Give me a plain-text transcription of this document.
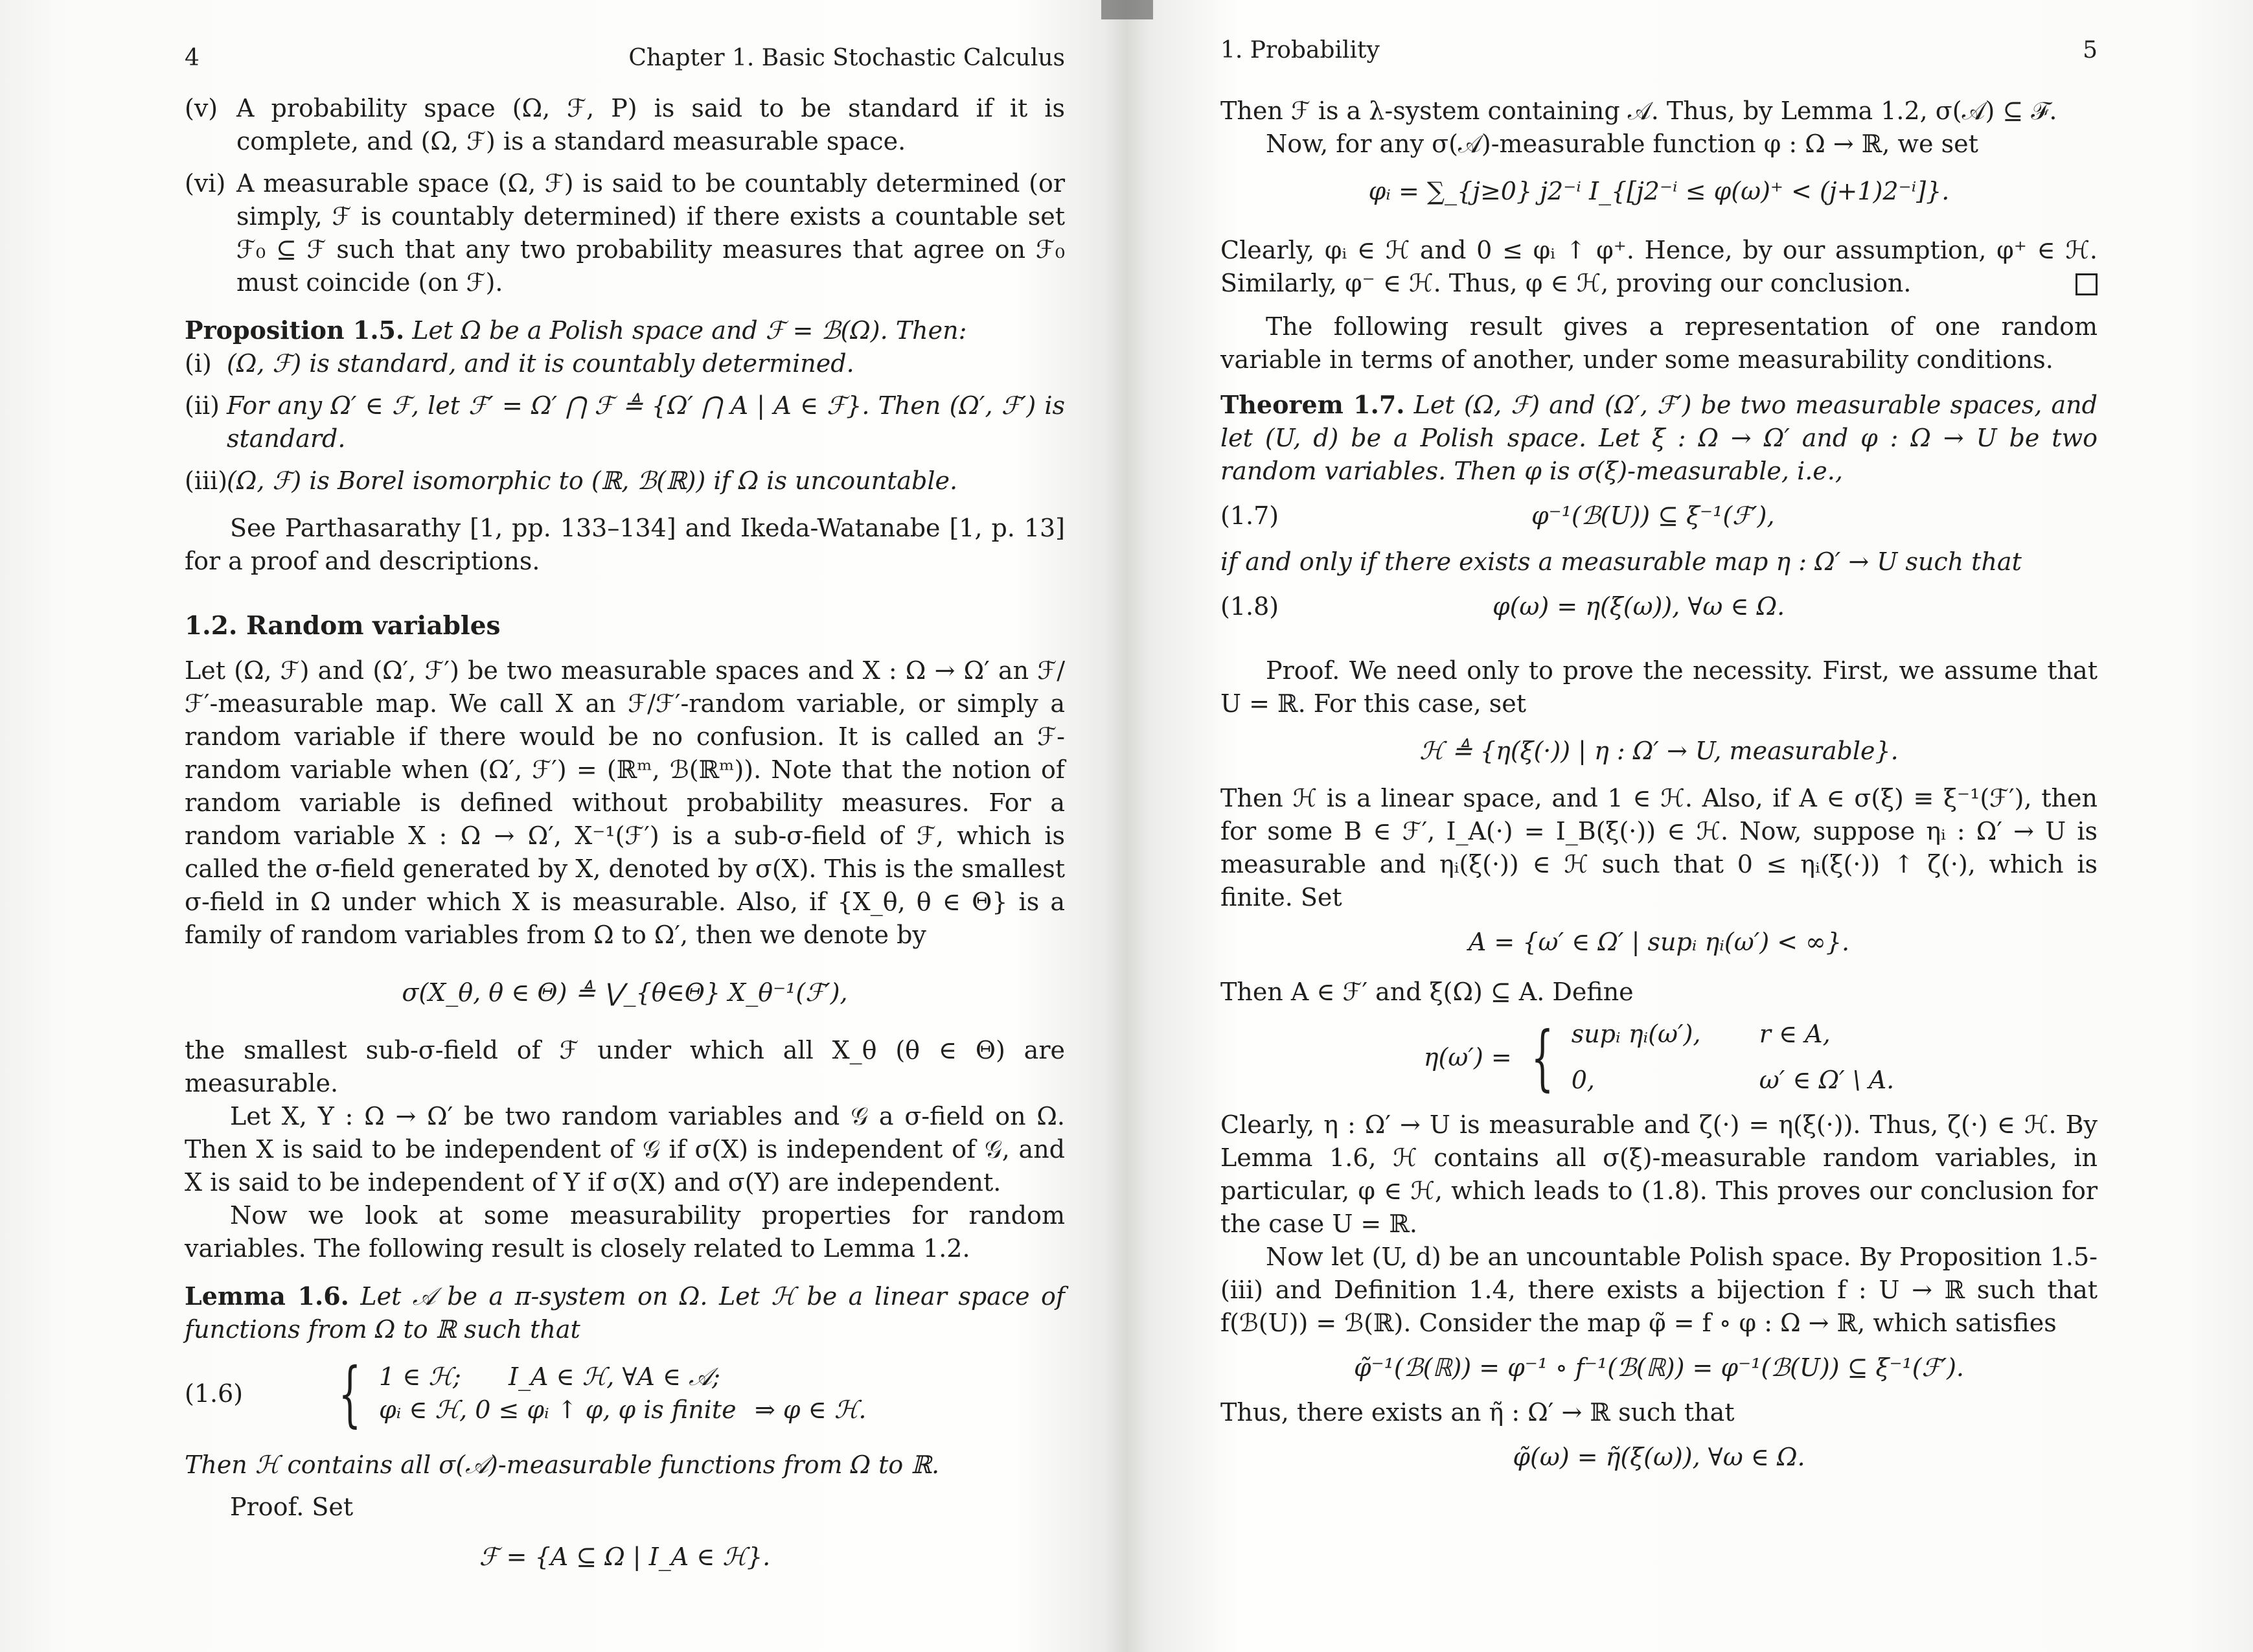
4	Chapter 1. Basic Stochastic Calculus
(v) A probability space (Ω, ℱ, P) is said to be standard if it is complete, and (Ω, ℱ) is a standard measurable space.
(vi) A measurable space (Ω, ℱ) is said to be countably determined (or simply, ℱ is countably determined) if there exists a countable set ℱ₀ ⊆ ℱ such that any two probability measures that agree on ℱ₀ must coincide (on ℱ).

Proposition 1.5. Let Ω be a Polish space and ℱ = ℬ(Ω). Then:

(i) (Ω, ℱ) is standard, and it is countably determined.
(ii) For any Ω′ ∈ ℱ, let ℱ′ = Ω′ ⋂ ℱ ≜ {Ω′ ⋂ A | A ∈ ℱ}. Then (Ω′, ℱ′) is standard.
(iii)
(Ω, ℱ) is Borel isomorphic to (ℝ, ℬ(ℝ)) if Ω is uncountable.

See Parthasarathy [1, pp. 133–134] and Ikeda-Watanabe [1, p. 13] for a proof and descriptions.

1.2. Random variables

Let (Ω, ℱ) and (Ω′, ℱ′) be two measurable spaces and X : Ω → Ω′ an ℱ/ℱ′-measurable map. We call X an ℱ/ℱ′-random variable, or simply a random variable if there would be no confusion. It is called an ℱ-random variable when (Ω′, ℱ′) = (ℝᵐ, ℬ(ℝᵐ)). Note that the notion of random variable is defined without probability measures. For a random variable X : Ω → Ω′, X⁻¹(ℱ′) is a sub-σ-field of ℱ, which is called the σ-field generated by X, denoted by σ(X). This is the smallest σ-field in Ω under which X is measurable. Also, if {X_θ, θ ∈ Θ} is a family of random variables from Ω to Ω′, then we denote by

σ(X_θ, θ ∈ Θ) ≜ ⋁_{θ∈Θ} X_θ⁻¹(ℱ′),

the smallest sub-σ-field of ℱ under which all X_θ (θ ∈ Θ) are measurable.

Let X, Y : Ω → Ω′ be two random variables and 𝒢 a σ-field on Ω. Then X is said to be independent of 𝒢 if σ(X) is independent of 𝒢, and X is said to be independent of Y if σ(X) and σ(Y) are independent.

Now we look at some measurability properties for random variables. The following result is closely related to Lemma 1.2.

Lemma 1.6. Let 𝒜 be a π-system on Ω. Let ℋ be a linear space of functions from Ω to ℝ such that

(1.6)	{ 1 ∈ ℋ;	I_A ∈ ℋ, ∀A ∈ 𝒜;
φᵢ ∈ ℋ, 0 ≤ φᵢ ↑ φ, φ is finite ⇒ φ ∈ ℋ.

Then ℋ contains all σ(𝒜)-measurable functions from Ω to ℝ.

Proof. Set

ℱ = {A ⊆ Ω | I_A ∈ ℋ}.
1. Probability	5

Then ℱ is a λ-system containing 𝒜. Thus, by Lemma 1.2, σ(𝒜) ⊆ ℱ.

Now, for any σ(𝒜)-measurable function φ : Ω → ℝ, we set

φᵢ = ∑_{j≥0} j2⁻ⁱ I_{[j2⁻ⁱ ≤ φ(ω)⁺ < (j+1)2⁻ⁱ]}.

Clearly, φᵢ ∈ ℋ and 0 ≤ φᵢ ↑ φ⁺. Hence, by our assumption, φ⁺ ∈ ℋ. Similarly, φ⁻ ∈ ℋ. Thus, φ ∈ ℋ, proving our conclusion.

The following result gives a representation of one random variable in terms of another, under some measurability conditions.

Theorem 1.7. Let (Ω, ℱ) and (Ω′, ℱ′) be two measurable spaces, and let (U, d) be a Polish space. Let ξ : Ω → Ω′ and φ : Ω → U be two random variables. Then φ is σ(ξ)-measurable, i.e.,

(1.7)	φ⁻¹(ℬ(U)) ⊆ ξ⁻¹(ℱ′),

if and only if there exists a measurable map η : Ω′ → U such that

(1.8)	φ(ω) = η(ξ(ω)), ∀ω ∈ Ω.

Proof. We need only to prove the necessity. First, we assume that U = ℝ. For this case, set

ℋ ≜ {η(ξ(·)) | η : Ω′ → U, measurable}.

Then ℋ is a linear space, and 1 ∈ ℋ. Also, if A ∈ σ(ξ) ≡ ξ⁻¹(ℱ′), then for some B ∈ ℱ′, I_A(·) = I_B(ξ(·)) ∈ ℋ. Now, suppose ηᵢ : Ω′ → U is measurable and ηᵢ(ξ(·)) ∈ ℋ such that 0 ≤ ηᵢ(ξ(·)) ↑ ζ(·), which is finite. Set

A = {ω′ ∈ Ω′ | supᵢ ηᵢ(ω′) < ∞}.

Then A ∈ ℱ′ and ξ(Ω) ⊆ A. Define

η(ω′) = { supᵢ ηᵢ(ω′),	r ∈ A,
0,	ω′ ∈ Ω′ \ A.

Clearly, η : Ω′ → U is measurable and ζ(·) = η(ξ(·)). Thus, ζ(·) ∈ ℋ. By Lemma 1.6, ℋ contains all σ(ξ)-measurable random variables, in particular, φ ∈ ℋ, which leads to (1.8). This proves our conclusion for the case U = ℝ.

Now let (U, d) be an uncountable Polish space. By Proposition 1.5-(iii) and Definition 1.4, there exists a bijection f : U → ℝ such that f(ℬ(U)) = ℬ(ℝ). Consider the map φ̃ = f ∘ φ : Ω → ℝ, which satisfies

φ̃⁻¹(ℬ(ℝ)) = φ⁻¹ ∘ f⁻¹(ℬ(ℝ)) = φ⁻¹(ℬ(U)) ⊆ ξ⁻¹(ℱ′).

Thus, there exists an η̃ : Ω′ → ℝ such that

φ̃(ω) = η̃(ξ(ω)), ∀ω ∈ Ω.
